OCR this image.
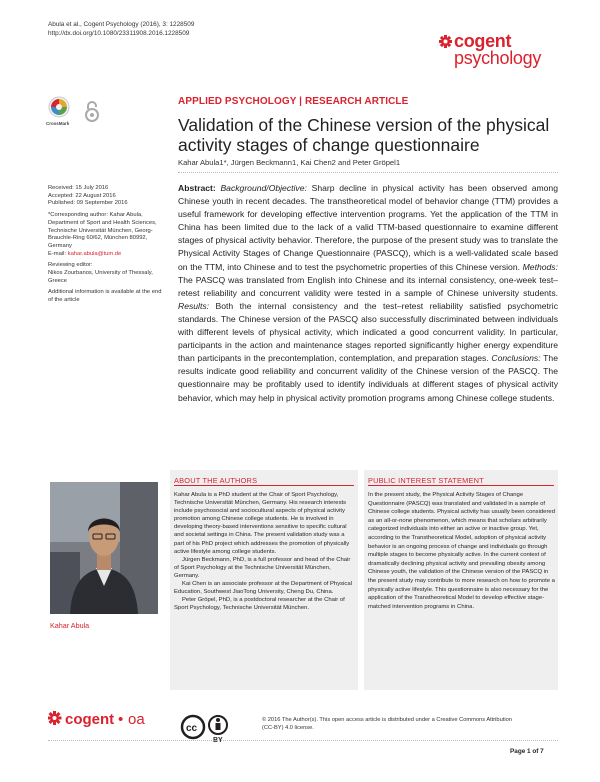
Abula et al., Cogent Psychology (2016), 3: 1228509
http://dx.doi.org/10.1080/23311908.2016.1228509	cogent
psychology
CrossMark
APPLIED PSYCHOLOGY | RESEARCH ARTICLE
Validation of the Chinese version of the physical activity stages of change questionnaire
Kahar Abula1*, Jürgen Beckmann1, Kai Chen2 and Peter Gröpel1
Received: 15 July 2016
Accepted: 22 August 2016
Published: 09 September 2016
*Corresponding author: Kahar Abula, Department of Sport and Health Sciences, Technische Universität München, Georg-Brauchle-Ring 60/62, München 80992, Germany
E-mail: kahar.abula@tum.de
Reviewing editor:
Nikos Zourbanos, University of Thessaly, Greece
Additional information is available at the end of the article
Abstract: Background/Objective: Sharp decline in physical activity has been observed among Chinese youth in recent decades. The transtheoretical model of behavior change (TTM) provides a useful framework for developing effective intervention programs. Yet the application of the TTM in China has been limited due to the lack of a valid TTM-based questionnaire to examine different stages of physical activity behavior. Therefore, the purpose of the present study was to translate the Physical Activity Stages of Change Questionnaire (PASCQ), which is a well-validated scale based on the TTM, into Chinese and to test the psychometric properties of this Chinese version. Methods: The PASCQ was translated from English into Chinese and its internal consistency, one-week test–retest reliability and concurrent validity were tested in a sample of Chinese university students. Results: Both the internal consistency and the test–retest reliability satisfied psychometric standards. The Chinese version of the PASCQ also successfully discriminated between individuals with different levels of physical activity, which indicated a good concurrent validity. In particular, participants in the action and maintenance stages reported significantly higher energy expenditure than participants in the precontemplation, contemplation, and preparation stages. Conclusions: The results indicate good reliability and concurrent validity of the Chinese version of the PASCQ. The questionnaire may be profitably used to identify individuals at different stages of physical activity behavior, which may help in physical activity promotion programs among Chinese college students.
Kahar Abula
ABOUT THE AUTHORS

Kahar Abula is a PhD student at the Chair of Sport Psychology, Technische Universität München, Germany. His research interests include psychosocial and sociocultural aspects of physical activity promotion among Chinese college students. He is involved in developing theory-based interventions sensitive to specific cultural and societal settings in China. The present validation study was a part of his PhD project which addresses the promotion of physically active lifestyle among college students.

Jürgen Beckmann, PhD, is a full professor and head of the Chair of Sport Psychology at the Technische Universität München, Germany.

Kai Chen is an associate professor at the Department of Physical Education, Southwest JiaoTong University, Cheng Du, China.

Peter Gröpel, PhD, is a postdoctoral researcher at the Chair of Sport Psychology, Technische Universität München.

PUBLIC INTEREST STATEMENT
In the present study, the Physical Activity Stages of Change Questionnaire (PASCQ) was translated and validated in a sample of Chinese college students. Physical activity has usually been considered as an all-or-none phenomenon, which means that scholars arbitrarily categorized individuals into either an active or inactive group. Yet, according to the Transtheoretical Model, adoption of physical activity behavior is an ongoing process of change and individuals go through multiple stages to become physically active. In the current context of dramatically declining physical activity and prevailing obesity among Chinese youth, the validation of the Chinese version of the PASCQ in the present study may contribute to more research on how to promote a physically active lifestyle. This questionnaire is also necessary for the application of the Transtheoretical Model to develop effective stage-matched intervention programs in China.
cogent • oa
cc
BY
© 2016 The Author(s). This open access article is distributed under a Creative Commons Attribution
(CC-BY) 4.0 license.
Page 1 of 7
